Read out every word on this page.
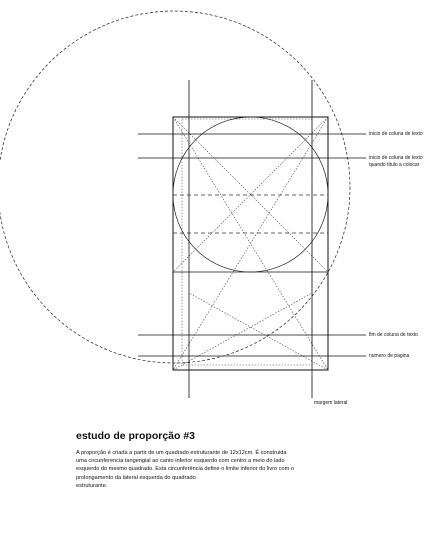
inicio de coluna de texto
inicio de coluna de texto
quando titulo a colocar
fim de coluna de texto
numero de pagina
margem lateral
estudo de proporção #3

A proporção é criada a partir de um quadrado estruturante de 12x12cm. É construida
uma circunferencia tangengial ao canto inferior esquerdo com centro a meio do lado
esquerdo do mesmo quadrado. Esta circunferência define o limite inferior do livro com o
prolongamento da lateral esquerda do quadrado
estruturante.
